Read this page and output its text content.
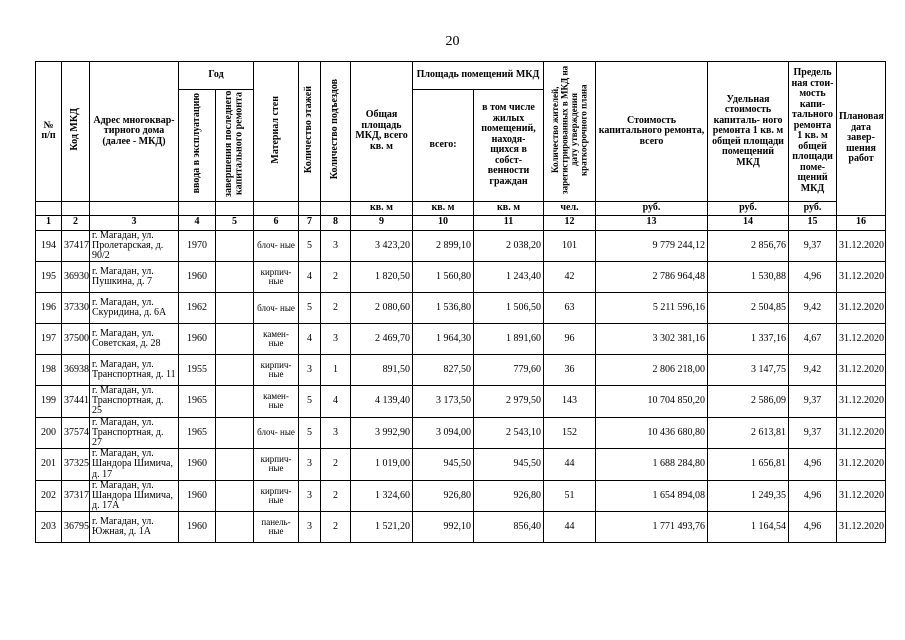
20
№ п/п	Код МКД	Адрес многоквар- тирного дома (далее - МКД)	Год		Материал стен	Количество этажей	Количество подъездов	Общая площадь МКД, всего кв. м	Площадь помещений МКД		Количество жителей, зарегистрированных в МКД на дату утверждения краткосрочного плана	Стоимость капитального ремонта, всего	Удельная стоимость капиталь- ного ремонта 1 кв. м общей площади помещений МКД	Предель ная стои- мость капи- тального ремонта 1 кв. м общей площади поме- щений МКД	Плановая дата завер- шения работ
			ввода в эксплуатацию	завершения последнего капитального ремонта					всего:	в том числе жилых помещений, находя- щихся в собст- венности граждан					
								кв. м	кв. м	кв. м	чел.	руб.	руб.	руб.	
1	2	3	4	5	6	7	8	9	10	11	12	13	14	15	16
194	37417	г. Магадан, ул. Пролетарская, д. 90/2	1970		блоч- ные	5	3	3 423,20	2 899,10	2 038,20	101	9 779 244,12	2 856,76	9,37	31.12.2020
195	36930	г. Магадан, ул. Пушкина, д. 7	1960		кирпич- ные	4	2	1 820,50	1 560,80	1 243,40	42	2 786 964,48	1 530,88	4,96	31.12.2020
196	37330	г. Магадан, ул. Скуридина, д. 6А	1962		блоч- ные	5	2	2 080,60	1 536,80	1 506,50	63	5 211 596,16	2 504,85	9,42	31.12.2020
197	37500	г. Магадан, ул. Советская, д. 28	1960		камен- ные	4	3	2 469,70	1 964,30	1 891,60	96	3 302 381,16	1 337,16	4,67	31.12.2020
198	36938	г. Магадан, ул. Транспортная, д. 11	1955		кирпич- ные	3	1	891,50	827,50	779,60	36	2 806 218,00	3 147,75	9,42	31.12.2020
199	37441	г. Магадан, ул. Транспортная, д. 25	1965		камен- ные	5	4	4 139,40	3 173,50	2 979,50	143	10 704 850,20	2 586,09	9,37	31.12.2020
200	37574	г. Магадан, ул. Транспортная, д. 27	1965		блоч- ные	5	3	3 992,90	3 094,00	2 543,10	152	10 436 680,80	2 613,81	9,37	31.12.2020
201	37325	г. Магадан, ул. Шандора Шимича, д. 17	1960		кирпич- ные	3	2	1 019,00	945,50	945,50	44	1 688 284,80	1 656,81	4,96	31.12.2020
202	37317	г. Магадан, ул. Шандора Шимича, д. 17А	1960		кирпич- ные	3	2	1 324,60	926,80	926,80	51	1 654 894,08	1 249,35	4,96	31.12.2020
203	36795	г. Магадан, ул. Южная, д. 1А	1960		панель- ные	3	2	1 521,20	992,10	856,40	44	1 771 493,76	1 164,54	4,96	31.12.2020
